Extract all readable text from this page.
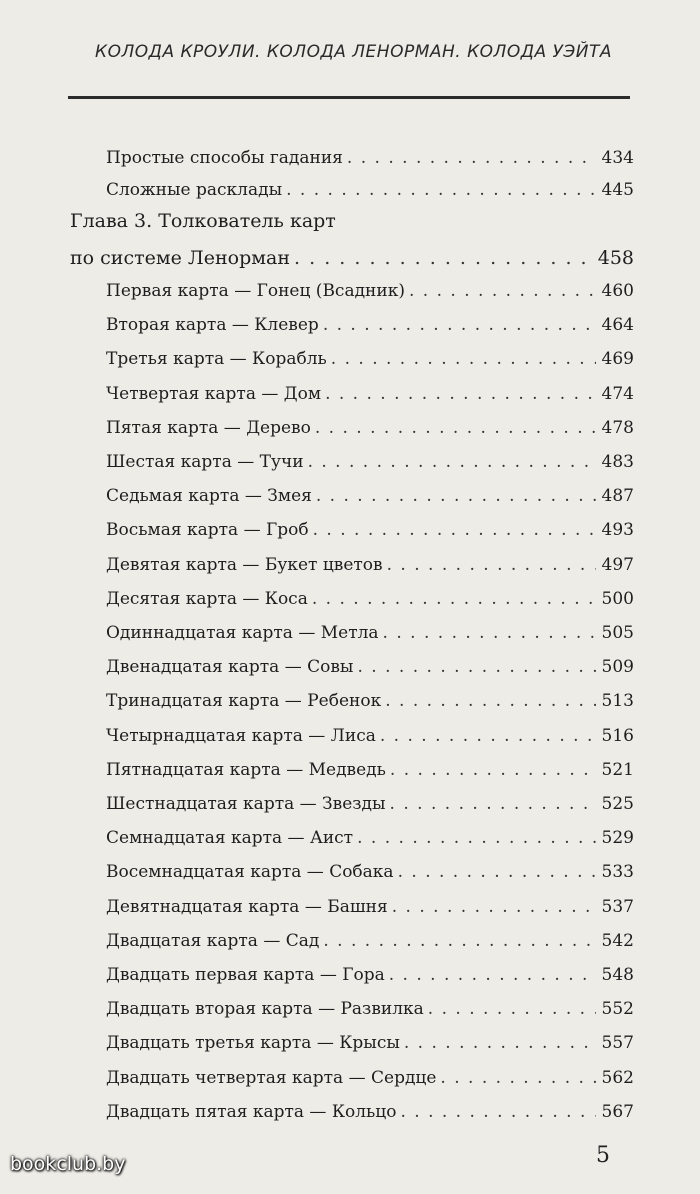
КОЛОДА КРОУЛИ. КОЛОДА ЛЕНОРМАН. КОЛОДА УЭЙТА
Простые способы гадания . . .	434
Сложные расклады . . .	445
Глава 3. Толкователь карт
по системе Ленорман . . .	458
Первая карта — Гонец (Всадник) . . .	460
Вторая карта — Клевер . . .	464
Третья карта — Корабль . . .	469
Четвертая карта — Дом . . .	474
Пятая карта — Дерево . . .	478
Шестая карта — Тучи . . .	483
Седьмая карта — Змея . . .	487
Восьмая карта — Гроб . . .	493
Девятая карта — Букет цветов . . .	497
Десятая карта — Коса . . .	500
Одиннадцатая карта — Метла . . .	505
Двенадцатая карта — Совы . . .	509
Тринадцатая карта — Ребенок . . .	513
Четырнадцатая карта — Лиса . . .	516
Пятнадцатая карта — Медведь . . .	521
Шестнадцатая карта — Звезды . . .	525
Семнадцатая карта — Аист . . .	529
Восемнадцатая карта — Собака . . .	533
Девятнадцатая карта — Башня . . .	537
Двадцатая карта — Сад . . .	542
Двадцать первая карта — Гора . . .	548
Двадцать вторая карта — Развилка . . .	552
Двадцать третья карта — Крысы . . .	557
Двадцать четвертая карта — Сердце . . .	562
Двадцать пятая карта — Кольцо . . .	567
bookclub.by	5
